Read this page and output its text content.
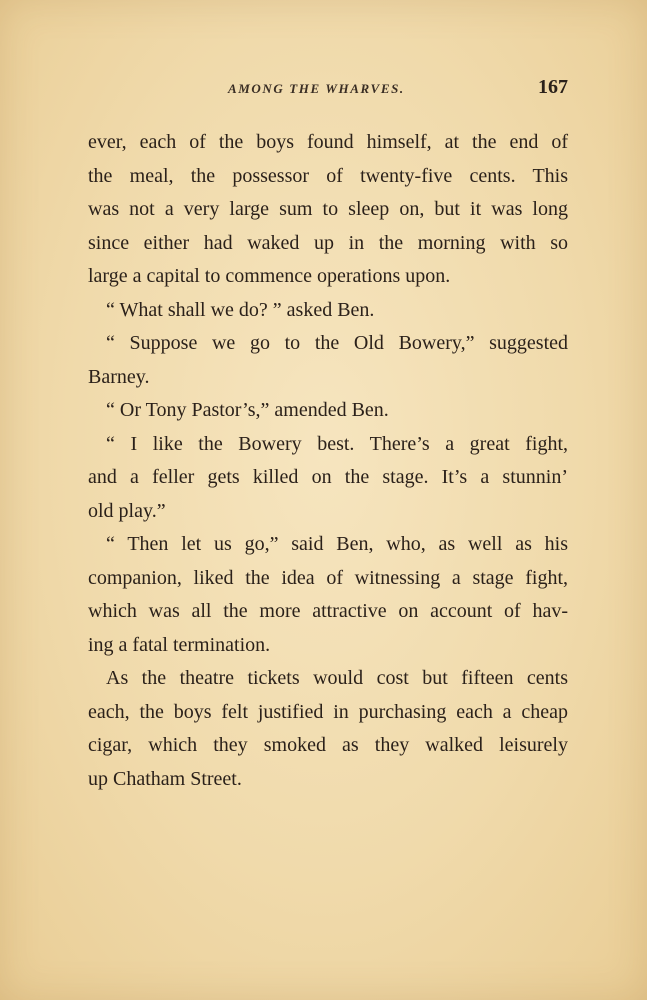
AMONG THE WHARVES.	167
ever, each of the boys found himself, at the end of
the meal, the possessor of twenty-five cents. This
was not a very large sum to sleep on, but it was long
since either had waked up in the morning with so
large a capital to commence operations upon.
“ What shall we do? ” asked Ben.
“ Suppose we go to the Old Bowery,” suggested
Barney.
“ Or Tony Pastor’s,” amended Ben.
“ I like the Bowery best. There’s a great fight,
and a feller gets killed on the stage. It’s a stunnin’
old play.”
“ Then let us go,” said Ben, who, as well as his
companion, liked the idea of witnessing a stage fight,
which was all the more attractive on account of hav-
ing a fatal termination.
As the theatre tickets would cost but fifteen cents
each, the boys felt justified in purchasing each a cheap
cigar, which they smoked as they walked leisurely
up Chatham Street.
